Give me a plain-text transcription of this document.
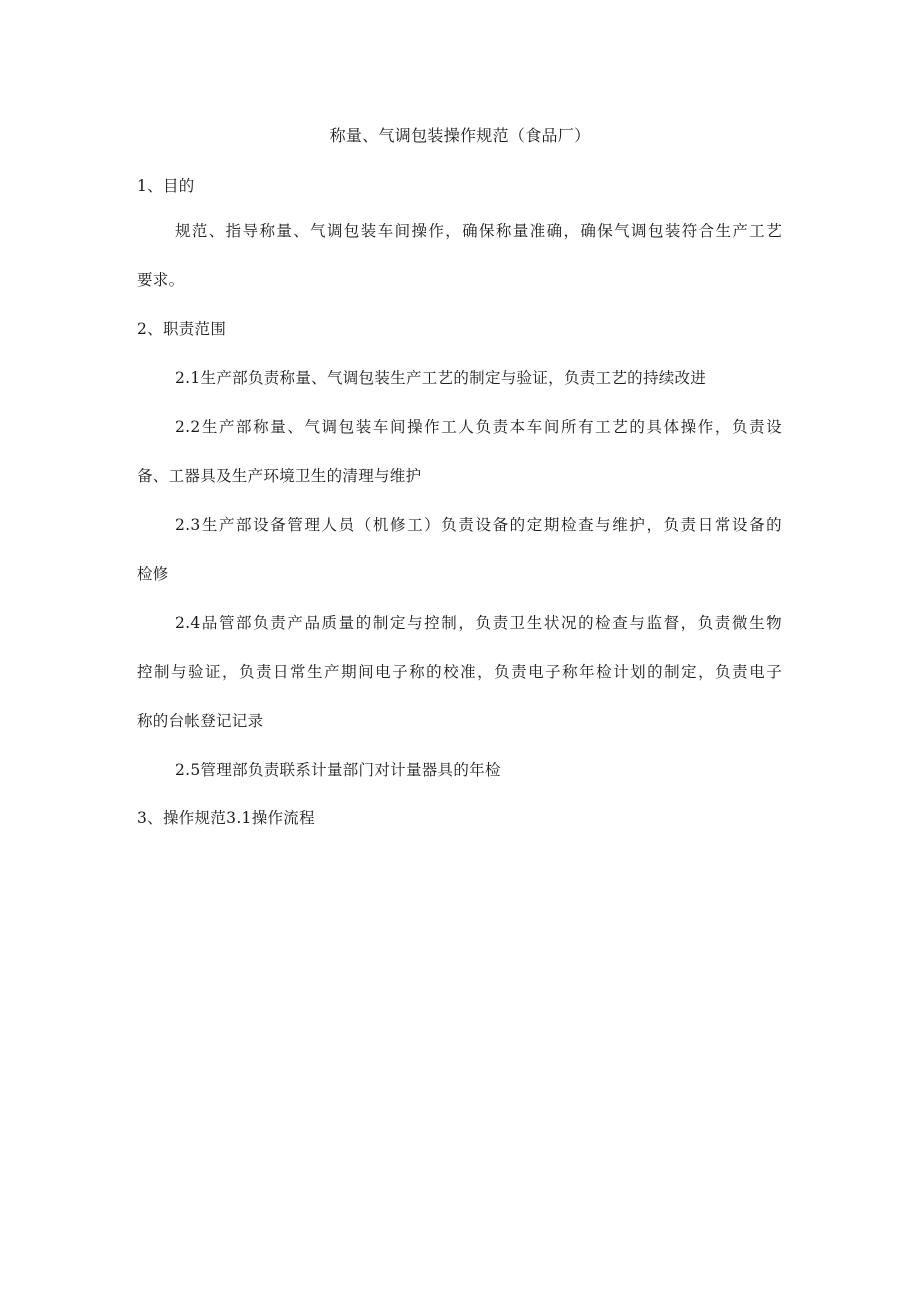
称量、气调包装操作规范（食品厂）
1、目的
规范、指导称量、气调包装车间操作，确保称量准确，确保气调包装符合生产工艺
要求。
2、职责范围
2.1生产部负责称量、气调包装生产工艺的制定与验证，负责工艺的持续改进
2.2生产部称量、气调包装车间操作工人负责本车间所有工艺的具体操作，负责设
备、工器具及生产环境卫生的清理与维护
2.3生产部设备管理人员（机修工）负责设备的定期检查与维护，负责日常设备的
检修
2.4品管部负责产品质量的制定与控制，负责卫生状况的检查与监督，负责微生物
控制与验证，负责日常生产期间电子称的校准，负责电子称年检计划的制定，负责电子
称的台帐登记记录
2.5管理部负责联系计量部门对计量器具的年检
3、操作规范3.1操作流程
